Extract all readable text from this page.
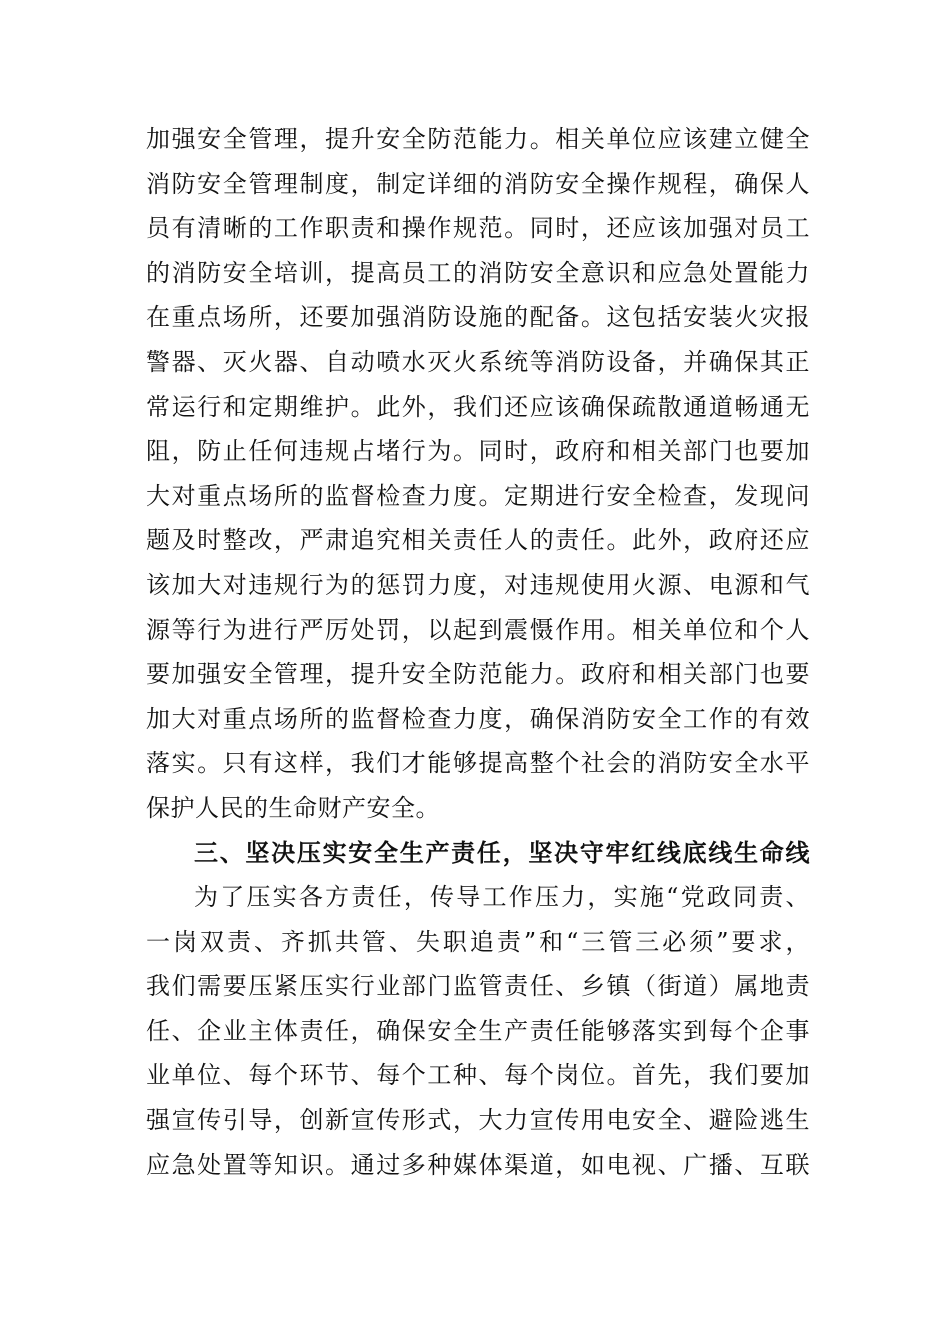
加强安全管理，提升安全防范能力。相关单位应该建立健全
消防安全管理制度，制定详细的消防安全操作规程，确保人
员有清晰的工作职责和操作规范。同时，还应该加强对员工
的消防安全培训，提高员工的消防安全意识和应急处置能力
在重点场所，还要加强消防设施的配备。这包括安装火灾报
警器、灭火器、自动喷水灭火系统等消防设备，并确保其正
常运行和定期维护。此外，我们还应该确保疏散通道畅通无
阻，防止任何违规占堵行为。同时，政府和相关部门也要加
大对重点场所的监督检查力度。定期进行安全检查，发现问
题及时整改，严肃追究相关责任人的责任。此外，政府还应
该加大对违规行为的惩罚力度，对违规使用火源、电源和气
源等行为进行严厉处罚，以起到震慑作用。相关单位和个人
要加强安全管理，提升安全防范能力。政府和相关部门也要
加大对重点场所的监督检查力度，确保消防安全工作的有效
落实。只有这样，我们才能够提高整个社会的消防安全水平
保护人民的生命财产安全。
三、坚决压实安全生产责任，坚决守牢红线底线生命线
为了压实各方责任，传导工作压力，实施“党政同责、
一岗双责、齐抓共管、失职追责”和“三管三必须”要求，
我们需要压紧压实行业部门监管责任、乡镇（街道）属地责
任、企业主体责任，确保安全生产责任能够落实到每个企事
业单位、每个环节、每个工种、每个岗位。首先，我们要加
强宣传引导，创新宣传形式，大力宣传用电安全、避险逃生
应急处置等知识。通过多种媒体渠道，如电视、广播、互联
